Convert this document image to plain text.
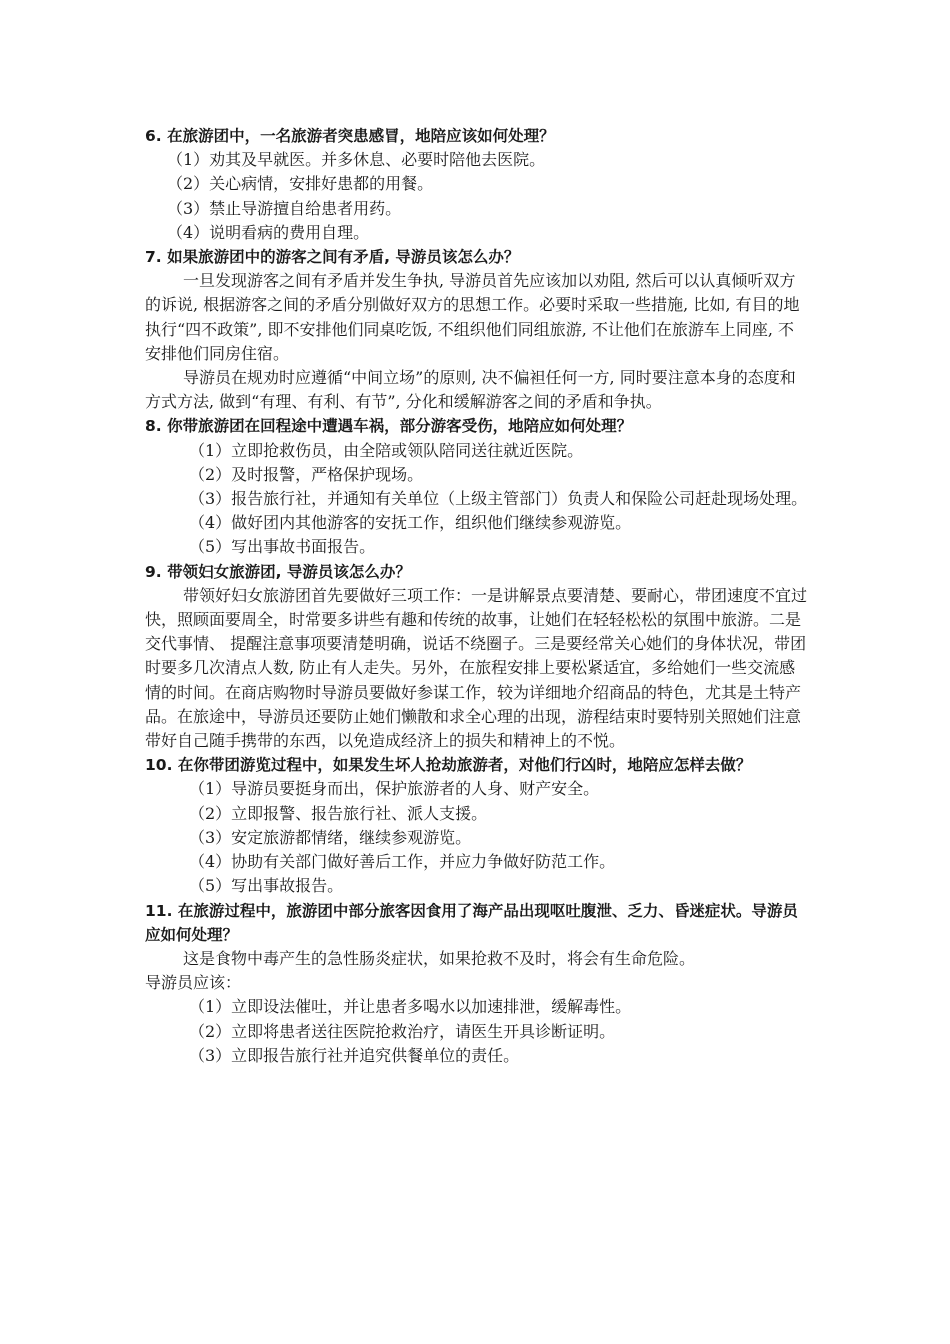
6. 在旅游团中，一名旅游者突患感冒，地陪应该如何处理？

（1）劝其及早就医。并多休息、必要时陪他去医院。

（2）关心病情，安排好患都的用餐。

（3）禁止导游擅自给患者用药。

（4）说明看病的费用自理。

7. 如果旅游团中的游客之间有矛盾, 导游员该怎么办？

一旦发现游客之间有矛盾并发生争执, 导游员首先应该加以劝阻, 然后可以认真倾听双方的诉说, 根据游客之间的矛盾分别做好双方的思想工作。必要时采取一些措施, 比如, 有目的地执行“四不政策”, 即不安排他们同桌吃饭, 不组织他们同组旅游, 不让他们在旅游车上同座, 不安排他们同房住宿。

导游员在规劝时应遵循“中间立场”的原则, 决不偏袒任何一方, 同时要注意本身的态度和方式方法, 做到“有理、有利、有节”, 分化和缓解游客之间的矛盾和争执。

8. 你带旅游团在回程途中遭遇车祸，部分游客受伤，地陪应如何处理？

（1）立即抢救伤员，由全陪或领队陪同送往就近医院。

（2）及时报警，严格保护现场。

（3）报告旅行社，并通知有关单位（上级主管部门）负责人和保险公司赶赴现场处理。

（4）做好团内其他游客的安抚工作，组织他们继续参观游览。

（5）写出事故书面报告。

9. 带领妇女旅游团, 导游员该怎么办？

带领好妇女旅游团首先要做好三项工作：一是讲解景点要清楚、要耐心，带团速度不宜过快，照顾面要周全，时常要多讲些有趣和传统的故事，让她们在轻轻松松的氛围中旅游。二是交代事情、 提醒注意事项要清楚明确，说话不绕圈子。三是要经常关心她们的身体状况，带团时要多几次清点人数, 防止有人走失。另外，在旅程安排上要松紧适宜，多给她们一些交流感情的时间。在商店购物时导游员要做好参谋工作，较为详细地介绍商品的特色，尤其是土特产品。在旅途中，导游员还要防止她们懒散和求全心理的出现，游程结束时要特别关照她们注意带好自己随手携带的东西，以免造成经济上的损失和精神上的不悦。

10. 在你带团游览过程中，如果发生坏人抢劫旅游者，对他们行凶时，地陪应怎样去做？

（1）导游员要挺身而出，保护旅游者的人身、财产安全。

（2）立即报警、报告旅行社、派人支援。

（3）安定旅游都情绪，继续参观游览。

（4）协助有关部门做好善后工作，并应力争做好防范工作。

（5）写出事故报告。

11. 在旅游过程中，旅游团中部分旅客因食用了海产品出现呕吐腹泄、乏力、昏迷症状。导游员应如何处理？

这是食物中毒产生的急性肠炎症状，如果抢救不及时，将会有生命危险。

导游员应该：

（1）立即设法催吐，并让患者多喝水以加速排泄，缓解毒性。

（2）立即将患者送往医院抢救治疗，请医生开具诊断证明。

（3）立即报告旅行社并追究供餐单位的责任。
